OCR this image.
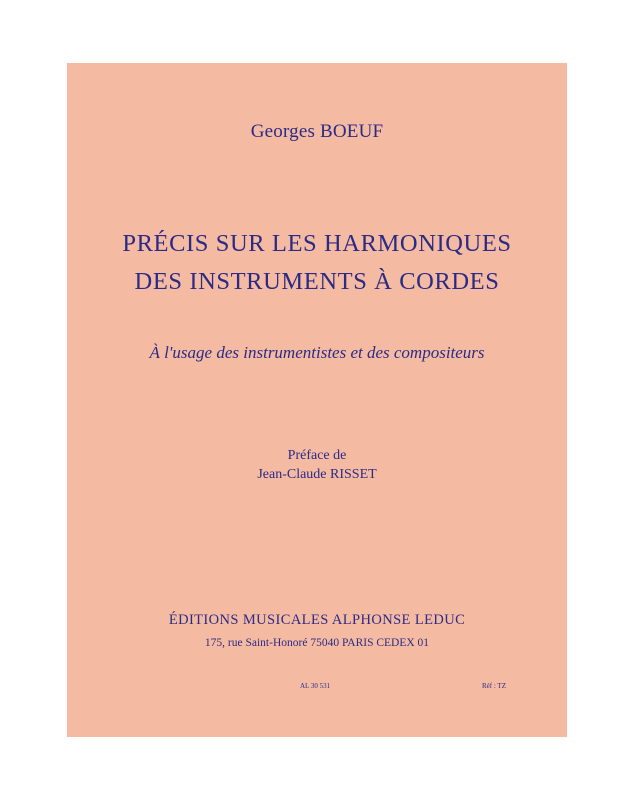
Georges BOEUF
PRÉCIS SUR LES HARMONIQUES
DES INSTRUMENTS À CORDES
À l'usage des instrumentistes et des compositeurs
Préface de
Jean-Claude RISSET
ÉDITIONS MUSICALES ALPHONSE LEDUC
175, rue Saint-Honoré 75040 PARIS CEDEX 01
AL 30 531	Réf : TZ
